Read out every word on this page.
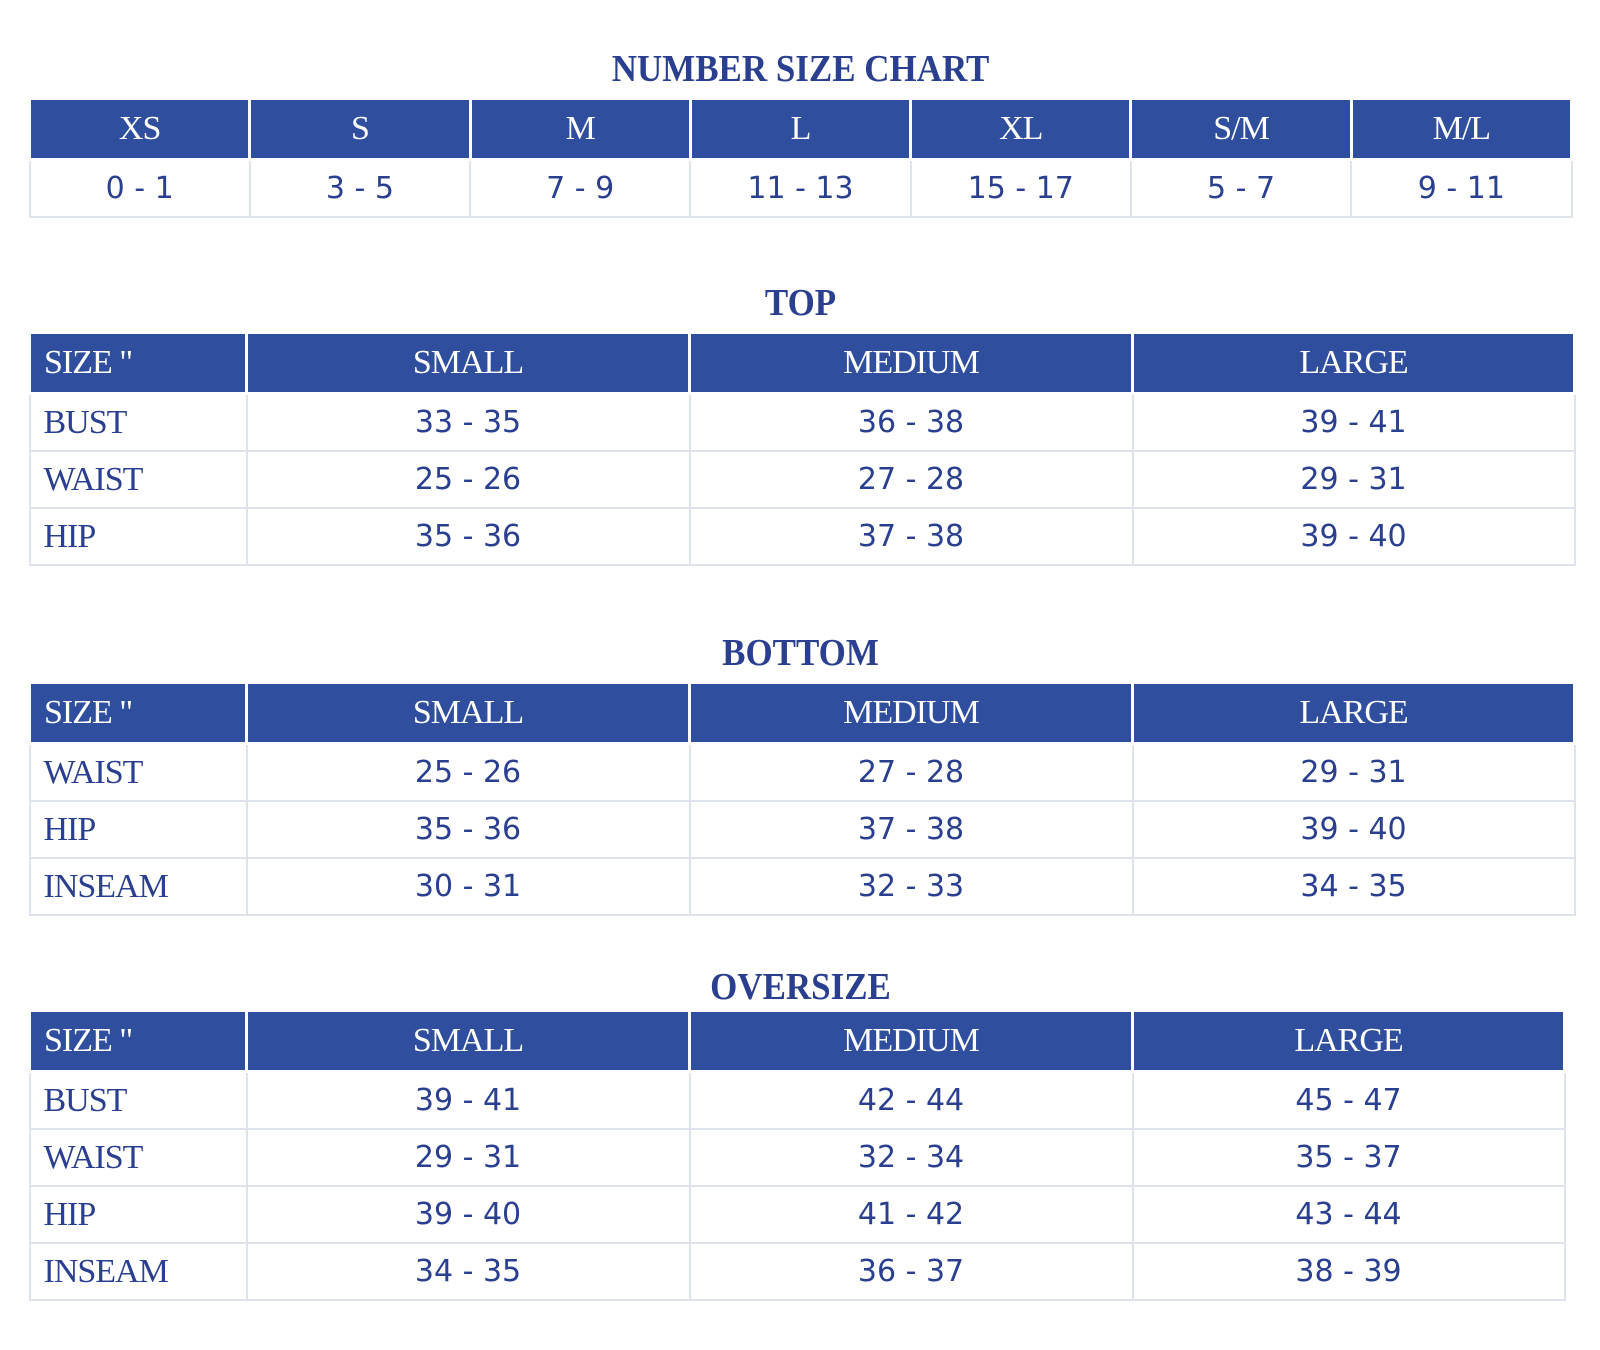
NUMBER SIZE CHART
XS	S	M	L	XL	S/M	M/L
0 - 1	3 - 5	7 - 9	11 - 13	15 - 17	5 - 7	9 - 11
TOP
SIZE "	SMALL	MEDIUM	LARGE
BUST	33 - 35	36 - 38	39 - 41
WAIST	25 - 26	27 - 28	29 - 31
HIP	35 - 36	37 - 38	39 - 40
BOTTOM
SIZE "	SMALL	MEDIUM	LARGE
WAIST	25 - 26	27 - 28	29 - 31
HIP	35 - 36	37 - 38	39 - 40
INSEAM	30 - 31	32 - 33	34 - 35
OVERSIZE
SIZE "	SMALL	MEDIUM	LARGE
BUST	39 - 41	42 - 44	45 - 47
WAIST	29 - 31	32 - 34	35 - 37
HIP	39 - 40	41 - 42	43 - 44
INSEAM	34 - 35	36 - 37	38 - 39
